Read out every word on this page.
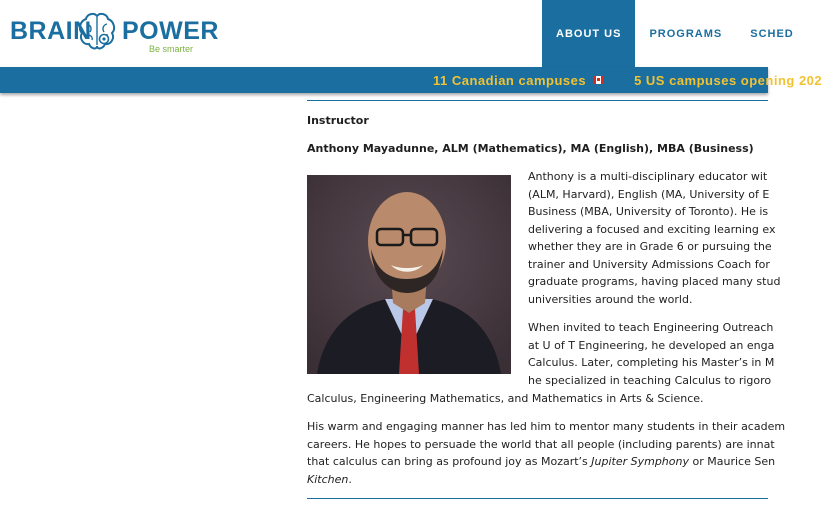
BRAIN POWER
Be smarter
ABOUT US	PROGRAMS	SCHED
11 Canadian campuses	5 US campuses opening 202
Instructor
Anthony Mayadunne, ALM (Mathematics), MA (English), MBA (Business)
Anthony is a multi-disciplinary educator wit
(ALM, Harvard), English (MA, University of E
Business (MBA, University of Toronto). He is
delivering a focused and exciting learning ex
whether they are in Grade 6 or pursuing the
trainer and University Admissions Coach for
graduate programs, having placed many stud
universities around the world.
When invited to teach Engineering Outreach
at U of T Engineering, he developed an enga
Calculus. Later, completing his Master’s in M
he specialized in teaching Calculus to rigoro
Calculus, Engineering Mathematics, and Mathematics in Arts & Science.
His warm and engaging manner has led him to mentor many students in their academ
careers. He hopes to persuade the world that all people (including parents) are innat
that calculus can bring as profound joy as Mozart’s Jupiter Symphony or Maurice Sen
Kitchen.
